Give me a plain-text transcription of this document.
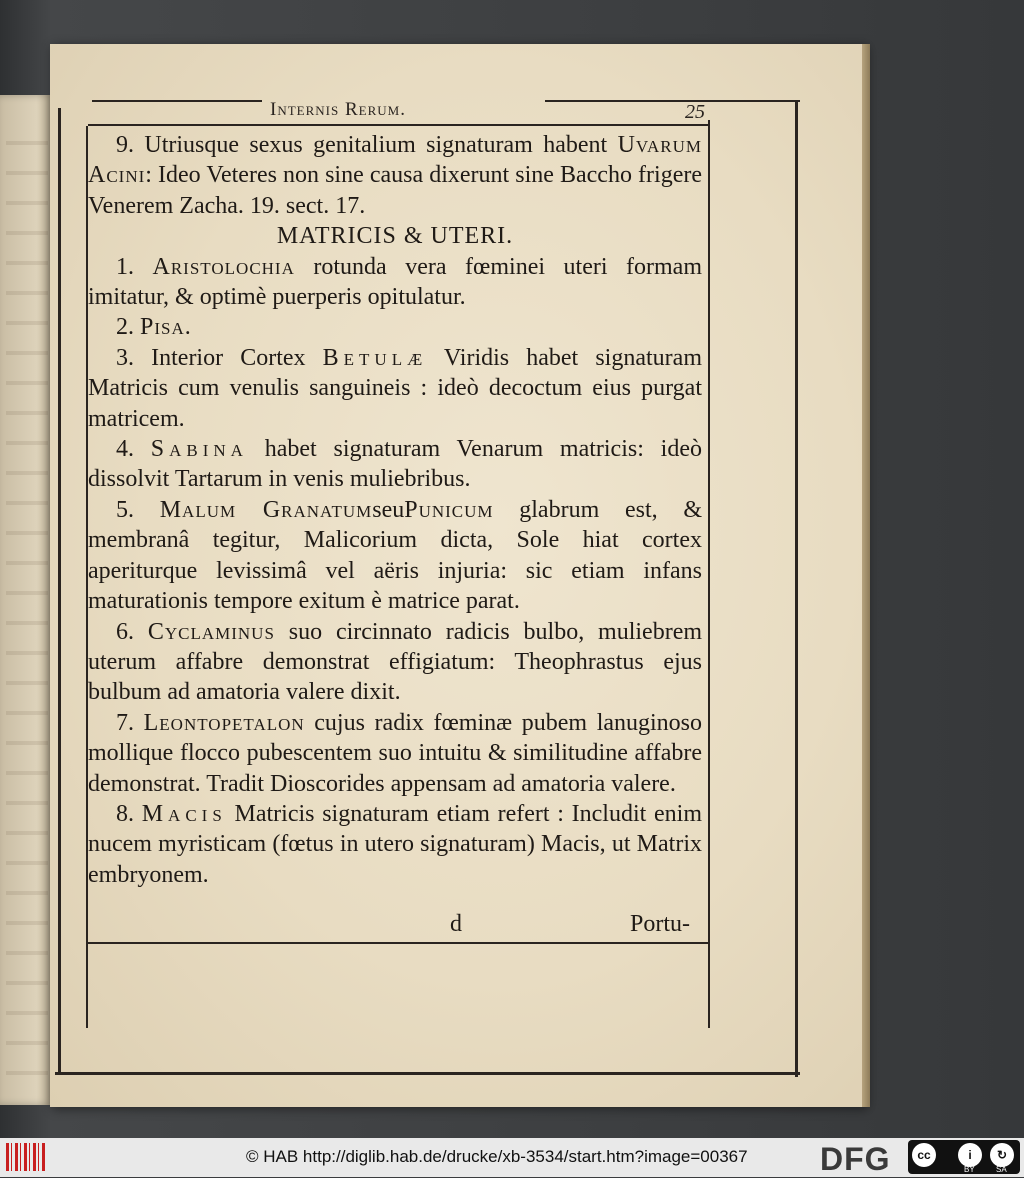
Internis Rerum.	25

9. Utriusque sexus genitalium signaturam habent Uvarum Acini: Ideo Veteres non sine causa dixerunt sine Baccho frigere Venerem Zacha. 19. sect. 17.

MATRICIS & UTERI.

1. Aristolochia rotunda vera fœminei uteri formam imitatur, & optimè puerperis opitulatur.

2. Pisa.

3. Interior Cortex Betulæ Viridis habet signaturam Matricis cum venulis sanguineis : ideò decoctum eius purgat matricem.

4. Sabina habet signaturam Venarum matricis: ideò dissolvit Tartarum in venis muliebribus.

5. Malum GranatumseuPunicum glabrum est, & membranâ tegitur, Malicorium dicta, Sole hiat cortex aperiturque levissimâ vel aëris injuria: sic etiam infans maturationis tempore exitum è matrice parat.

6. Cyclaminus suo circinnato radicis bulbo, muliebrem uterum affabre demonstrat effigiatum: Theophrastus ejus bulbum ad amatoria valere dixit.

7. Leontopetalon cujus radix fœminæ pubem lanuginoso mollique flocco pubescentem suo intuitu & similitudine affabre demonstrat. Tradit Dioscorides appensam ad amatoria valere.

8. Macis Matricis signaturam etiam refert : Includit enim nucem myristicam (fœtus in utero signaturam) Macis, ut Matrix embryonem.

d	Portu-
© HAB http://diglib.hab.de/drucke/xb-3534/start.htm?image=00367 DFG	cc	i	↻
BY	SA
